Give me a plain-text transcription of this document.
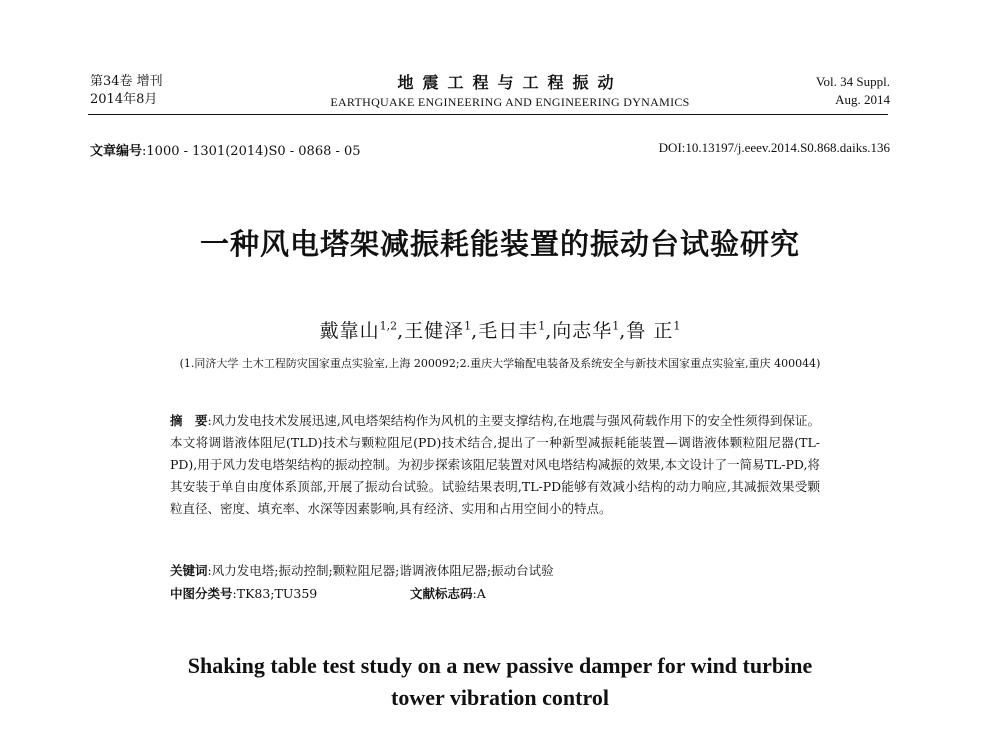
第34卷 增刊
2014年8月
地震工程与工程振动
EARTHQUAKE ENGINEERING AND ENGINEERING DYNAMICS
Vol. 34 Suppl.
Aug. 2014
文章编号:1000 - 1301(2014)S0 - 0868 - 05	DOI:10.13197/j.eeev.2014.S0.868.daiks.136
一种风电塔架减振耗能装置的振动台试验研究
戴靠山$^{1,2}$,王健泽$^1$,毛日丰$^1$,向志华$^1$,鲁 正$^1$
(1.同济大学 土木工程防灾国家重点实验室,上海 200092;2.重庆大学输配电装备及系统安全与新技术国家重点实验室,重庆 400044)
摘　要:风力发电技术发展迅速,风电塔架结构作为风机的主要支撑结构,在地震与强风荷载作用下的安全性须得到保证。本文将调谐液体阻尼(TLD)技术与颗粒阻尼(PD)技术结合,提出了一种新型减振耗能装置—调谐液体颗粒阻尼器(TL-PD),用于风力发电塔架结构的振动控制。为初步探索该阻尼装置对风电塔结构减振的效果,本文设计了一简易TL-PD,将其安装于单自由度体系顶部,开展了振动台试验。试验结果表明,TL-PD能够有效减小结构的动力响应,其减振效果受颗粒直径、密度、填充率、水深等因素影响,具有经济、实用和占用空间小的特点。
关键词:风力发电塔;振动控制;颗粒阻尼器;谐调液体阻尼器;振动台试验
中图分类号:TK83;TU359	文献标志码:A
Shaking table test study on a new passive damper for wind turbine tower vibration control
